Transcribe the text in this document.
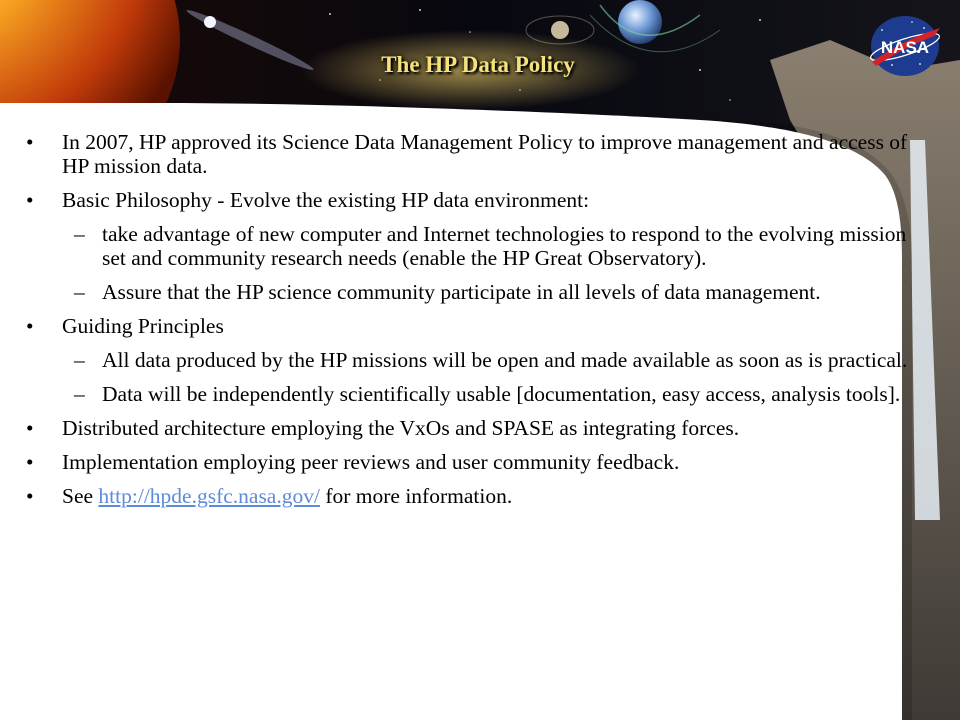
The HP Data Policy
NASA
• In 2007, HP approved its Science Data Management Policy to improve management and access of HP mission data.
• Basic Philosophy - Evolve the existing HP data environment:
– take advantage of new computer and Internet technologies to respond to the evolving mission set and community research needs (enable the HP Great Observatory).
– Assure that the HP science community participate in all levels of data management.
• Guiding Principles
– All data produced by the HP missions will be open and made available as soon as is practical.
– Data will be independently scientifically usable [documentation, easy access, analysis tools].
• Distributed architecture employing the VxOs and SPASE as integrating forces.
• Implementation employing peer reviews and user community feedback.
• See http://hpde.gsfc.nasa.gov/ for more information.
